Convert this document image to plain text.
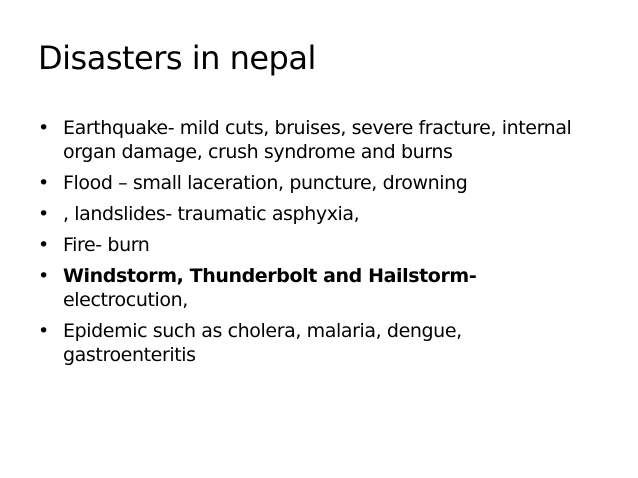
Disasters in nepal
• Earthquake- mild cuts, bruises, severe fracture, internal organ damage, crush syndrome and burns
• Flood – small laceration, puncture, drowning
• , landslides- traumatic asphyxia,
• Fire- burn
• Windstorm, Thunderbolt and Hailstorm-
electrocution,
• Epidemic such as cholera, malaria, dengue, gastroenteritis
